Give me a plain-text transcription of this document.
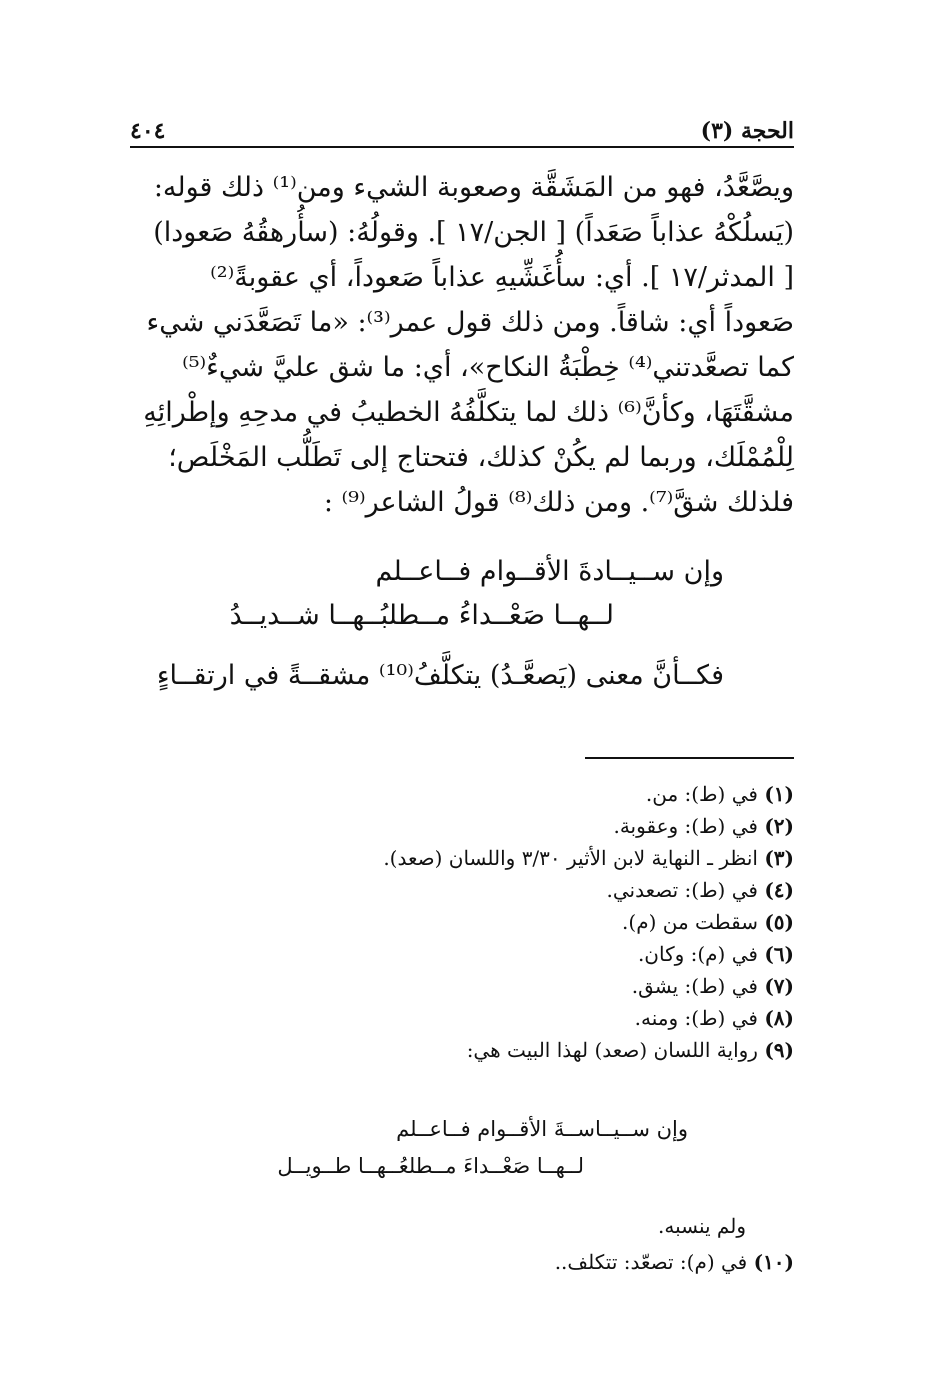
الحجة (٣)
٤٠٤
ويصَّعَّدُ، فهو من المَشَقَّة وصعوبة الشيء ومن⁽¹⁾ ذلك قوله:
(يَسلُكْهُ عذاباً صَعَداً) [ الجن/١٧ ]. وقولُهُ: (سأُرهقُهُ صَعودا)
[ المدثر/١٧ ]. أي: سأُغَشِّيهِ عذاباً صَعوداً، أي عقوبةً⁽²⁾
صَعوداً أي: شاقاً. ومن ذلك قول عمر⁽³⁾: «ما تَصَعَّدَني شيء
كما تصعَّدتني⁽⁴⁾ خِطْبَةُ النكاح»، أي: ما شق عليَّ شيءٌ⁽⁵⁾
مشقَّتَهَا، وكأنَّ⁽⁶⁾ ذلك لما يتكلَّفُهُ الخطيبُ في مدحِهِ وإطْرائِهِ
لِلْمُمْلَك، وربما لم يكُنْ كذلك، فتحتاج إلى تَطَلُّب المَخْلَص؛
فلذلك شقَّ⁽⁷⁾. ومن ذلك⁽⁸⁾ قولُ الشاعر⁽⁹⁾ :
وإن ســيــادةَ الأقــوام فــاعــلم
لــهــا صَعْــداءُ مــطلبُــهــا شــديــدُ
فكــأنَّ معنى (يَصعَّـدُ) يتكلَّفُ⁽¹⁰⁾ مشقــةً في ارتقــاءٍ
(١) في (ط): من.
(٢) في (ط): وعقوبة.
(٣) انظر ـ النهاية لابن الأثير ٣/٣٠ واللسان (صعد).
(٤) في (ط): تصعدني.
(٥) سقطت من (م).
(٦) في (م): وكان.
(٧) في (ط): يشق.
(٨) في (ط): ومنه.
(٩) رواية اللسان (صعد) لهذا البيت هي:
وإن ســيــاســةَ الأقــوام فــاعــلم
لــهــا صَعْــداءَ مــطلعُــهــا طــويــل
ولم ينسبه.
(١٠) في (م): تصعّد: تتكلف..
